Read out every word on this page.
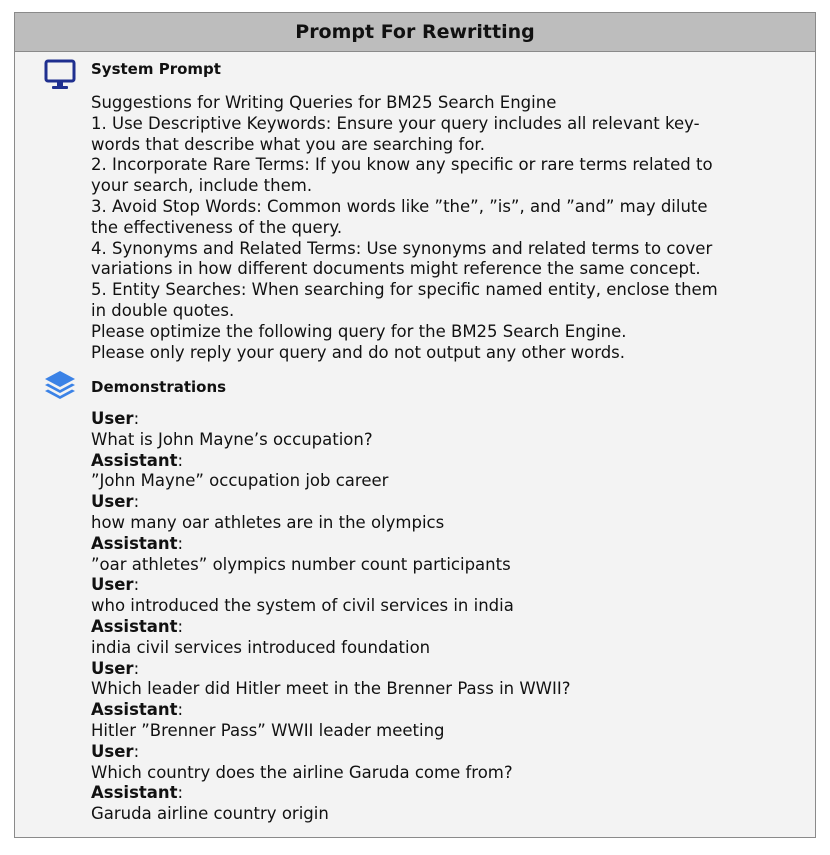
Prompt For Rewritting
System Prompt
Suggestions for Writing Queries for BM25 Search Engine
1. Use Descriptive Keywords: Ensure your query includes all relevant key-
words that describe what you are searching for.
2. Incorporate Rare Terms: If you know any specific or rare terms related to
your search, include them.
3. Avoid Stop Words: Common words like ”the”, ”is”, and ”and” may dilute
the effectiveness of the query.
4. Synonyms and Related Terms: Use synonyms and related terms to cover
variations in how different documents might reference the same concept.
5. Entity Searches: When searching for specific named entity, enclose them
in double quotes.
Please optimize the following query for the BM25 Search Engine.
Please only reply your query and do not output any other words.
Demonstrations
User:
What is John Mayne’s occupation?
Assistant:
”John Mayne” occupation job career
User:
how many oar athletes are in the olympics
Assistant:
”oar athletes” olympics number count participants
User:
who introduced the system of civil services in india
Assistant:
india civil services introduced foundation
User:
Which leader did Hitler meet in the Brenner Pass in WWII?
Assistant:
Hitler ”Brenner Pass” WWII leader meeting
User:
Which country does the airline Garuda come from?
Assistant:
Garuda airline country origin
